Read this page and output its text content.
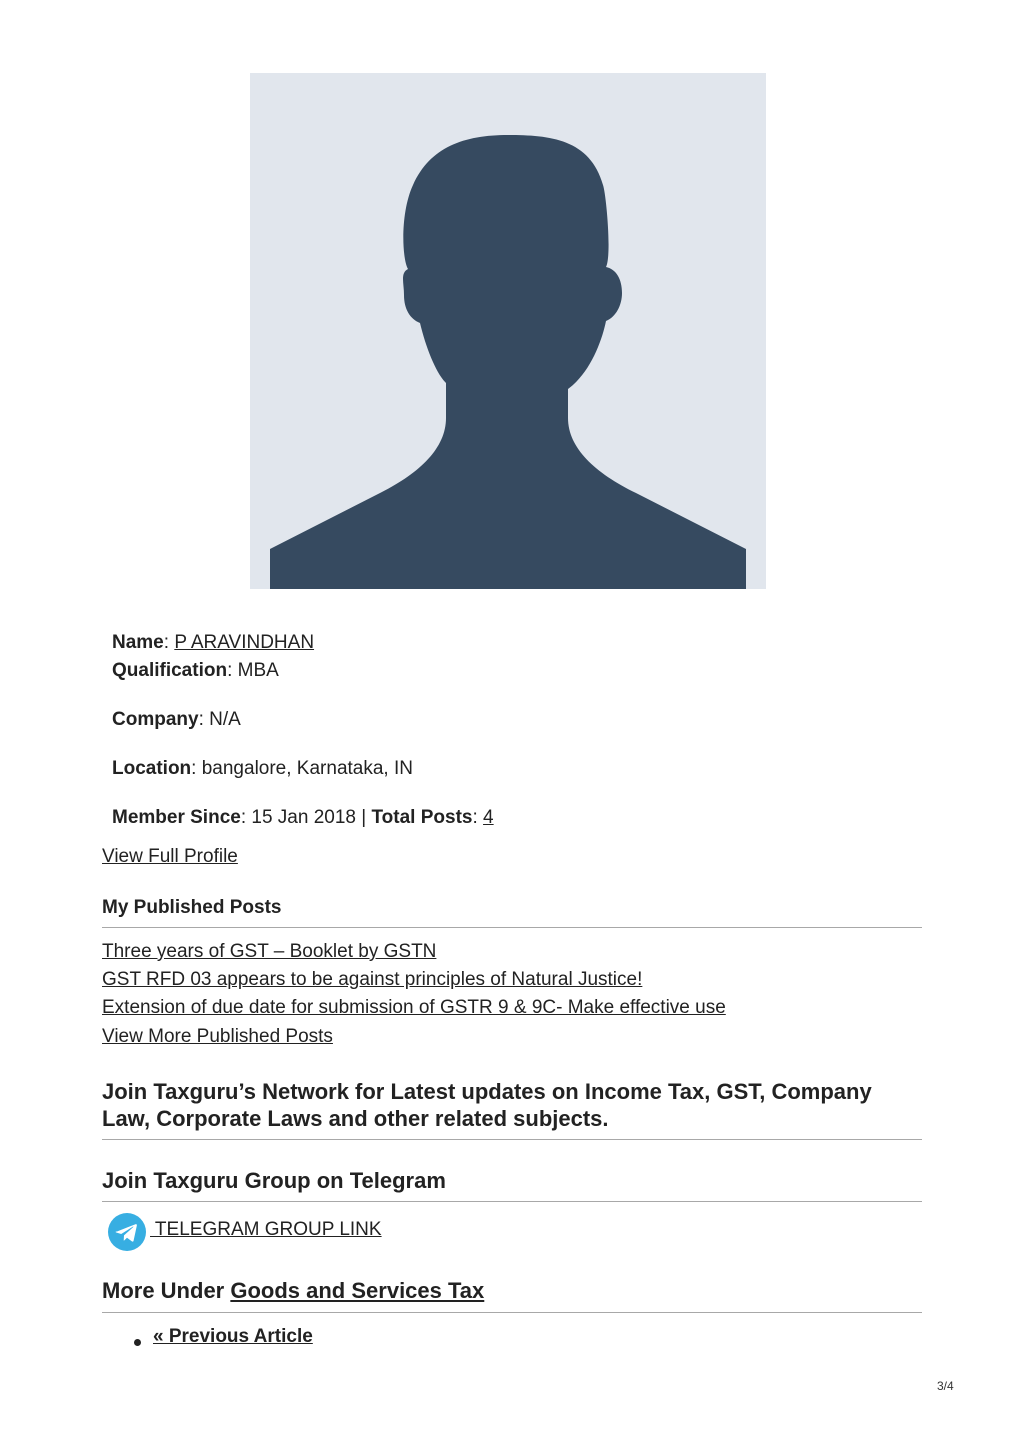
Name: P ARAVINDHAN
Qualification: MBA
Company: N/A
Location: bangalore, Karnataka, IN
Member Since: 15 Jan 2018 | Total Posts: 4
View Full Profile
My Published Posts
Three years of GST – Booklet by GSTN
GST RFD 03 appears to be against principles of Natural Justice!
Extension of due date for submission of GSTR 9 & 9C- Make effective use
View More Published Posts
Join Taxguru’s Network for Latest updates on Income Tax, GST, Company
Law, Corporate Laws and other related subjects.
Join Taxguru Group on Telegram
TELEGRAM GROUP LINK
More Under Goods and Services Tax
« Previous Article
3/4
